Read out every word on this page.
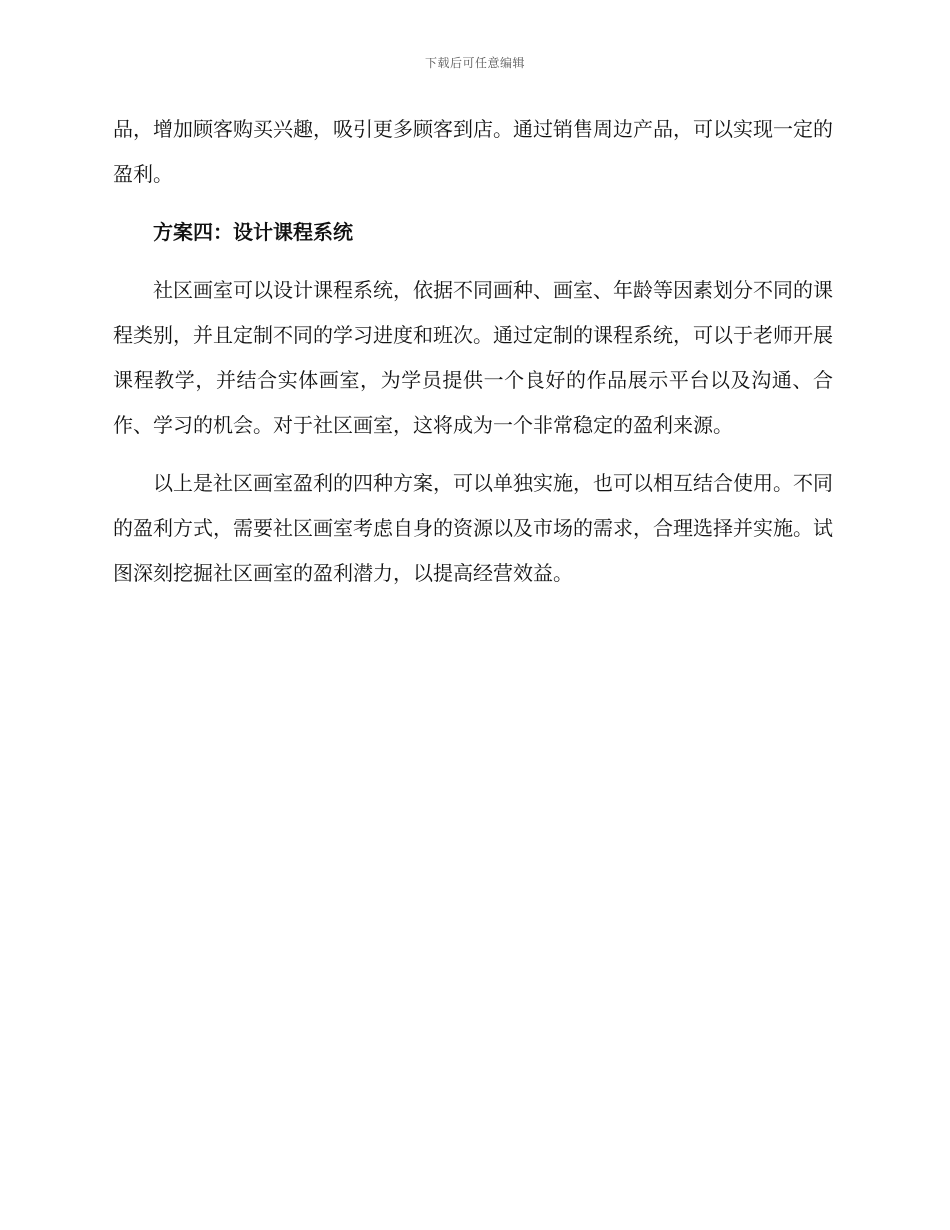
下载后可任意编辑

品，增加顾客购买兴趣，吸引更多顾客到店。通过销售周边产品，可以实现一定的盈利。

方案四：设计课程系统

社区画室可以设计课程系统，依据不同画种、画室、年龄等因素划分不同的课程类别，并且定制不同的学习进度和班次。通过定制的课程系统，可以于老师开展课程教学，并结合实体画室，为学员提供一个良好的作品展示平台以及沟通、合作、学习的机会。对于社区画室，这将成为一个非常稳定的盈利来源。

以上是社区画室盈利的四种方案，可以单独实施，也可以相互结合使用。不同的盈利方式，需要社区画室考虑自身的资源以及市场的需求，合理选择并实施。试图深刻挖掘社区画室的盈利潜力，以提高经营效益。
